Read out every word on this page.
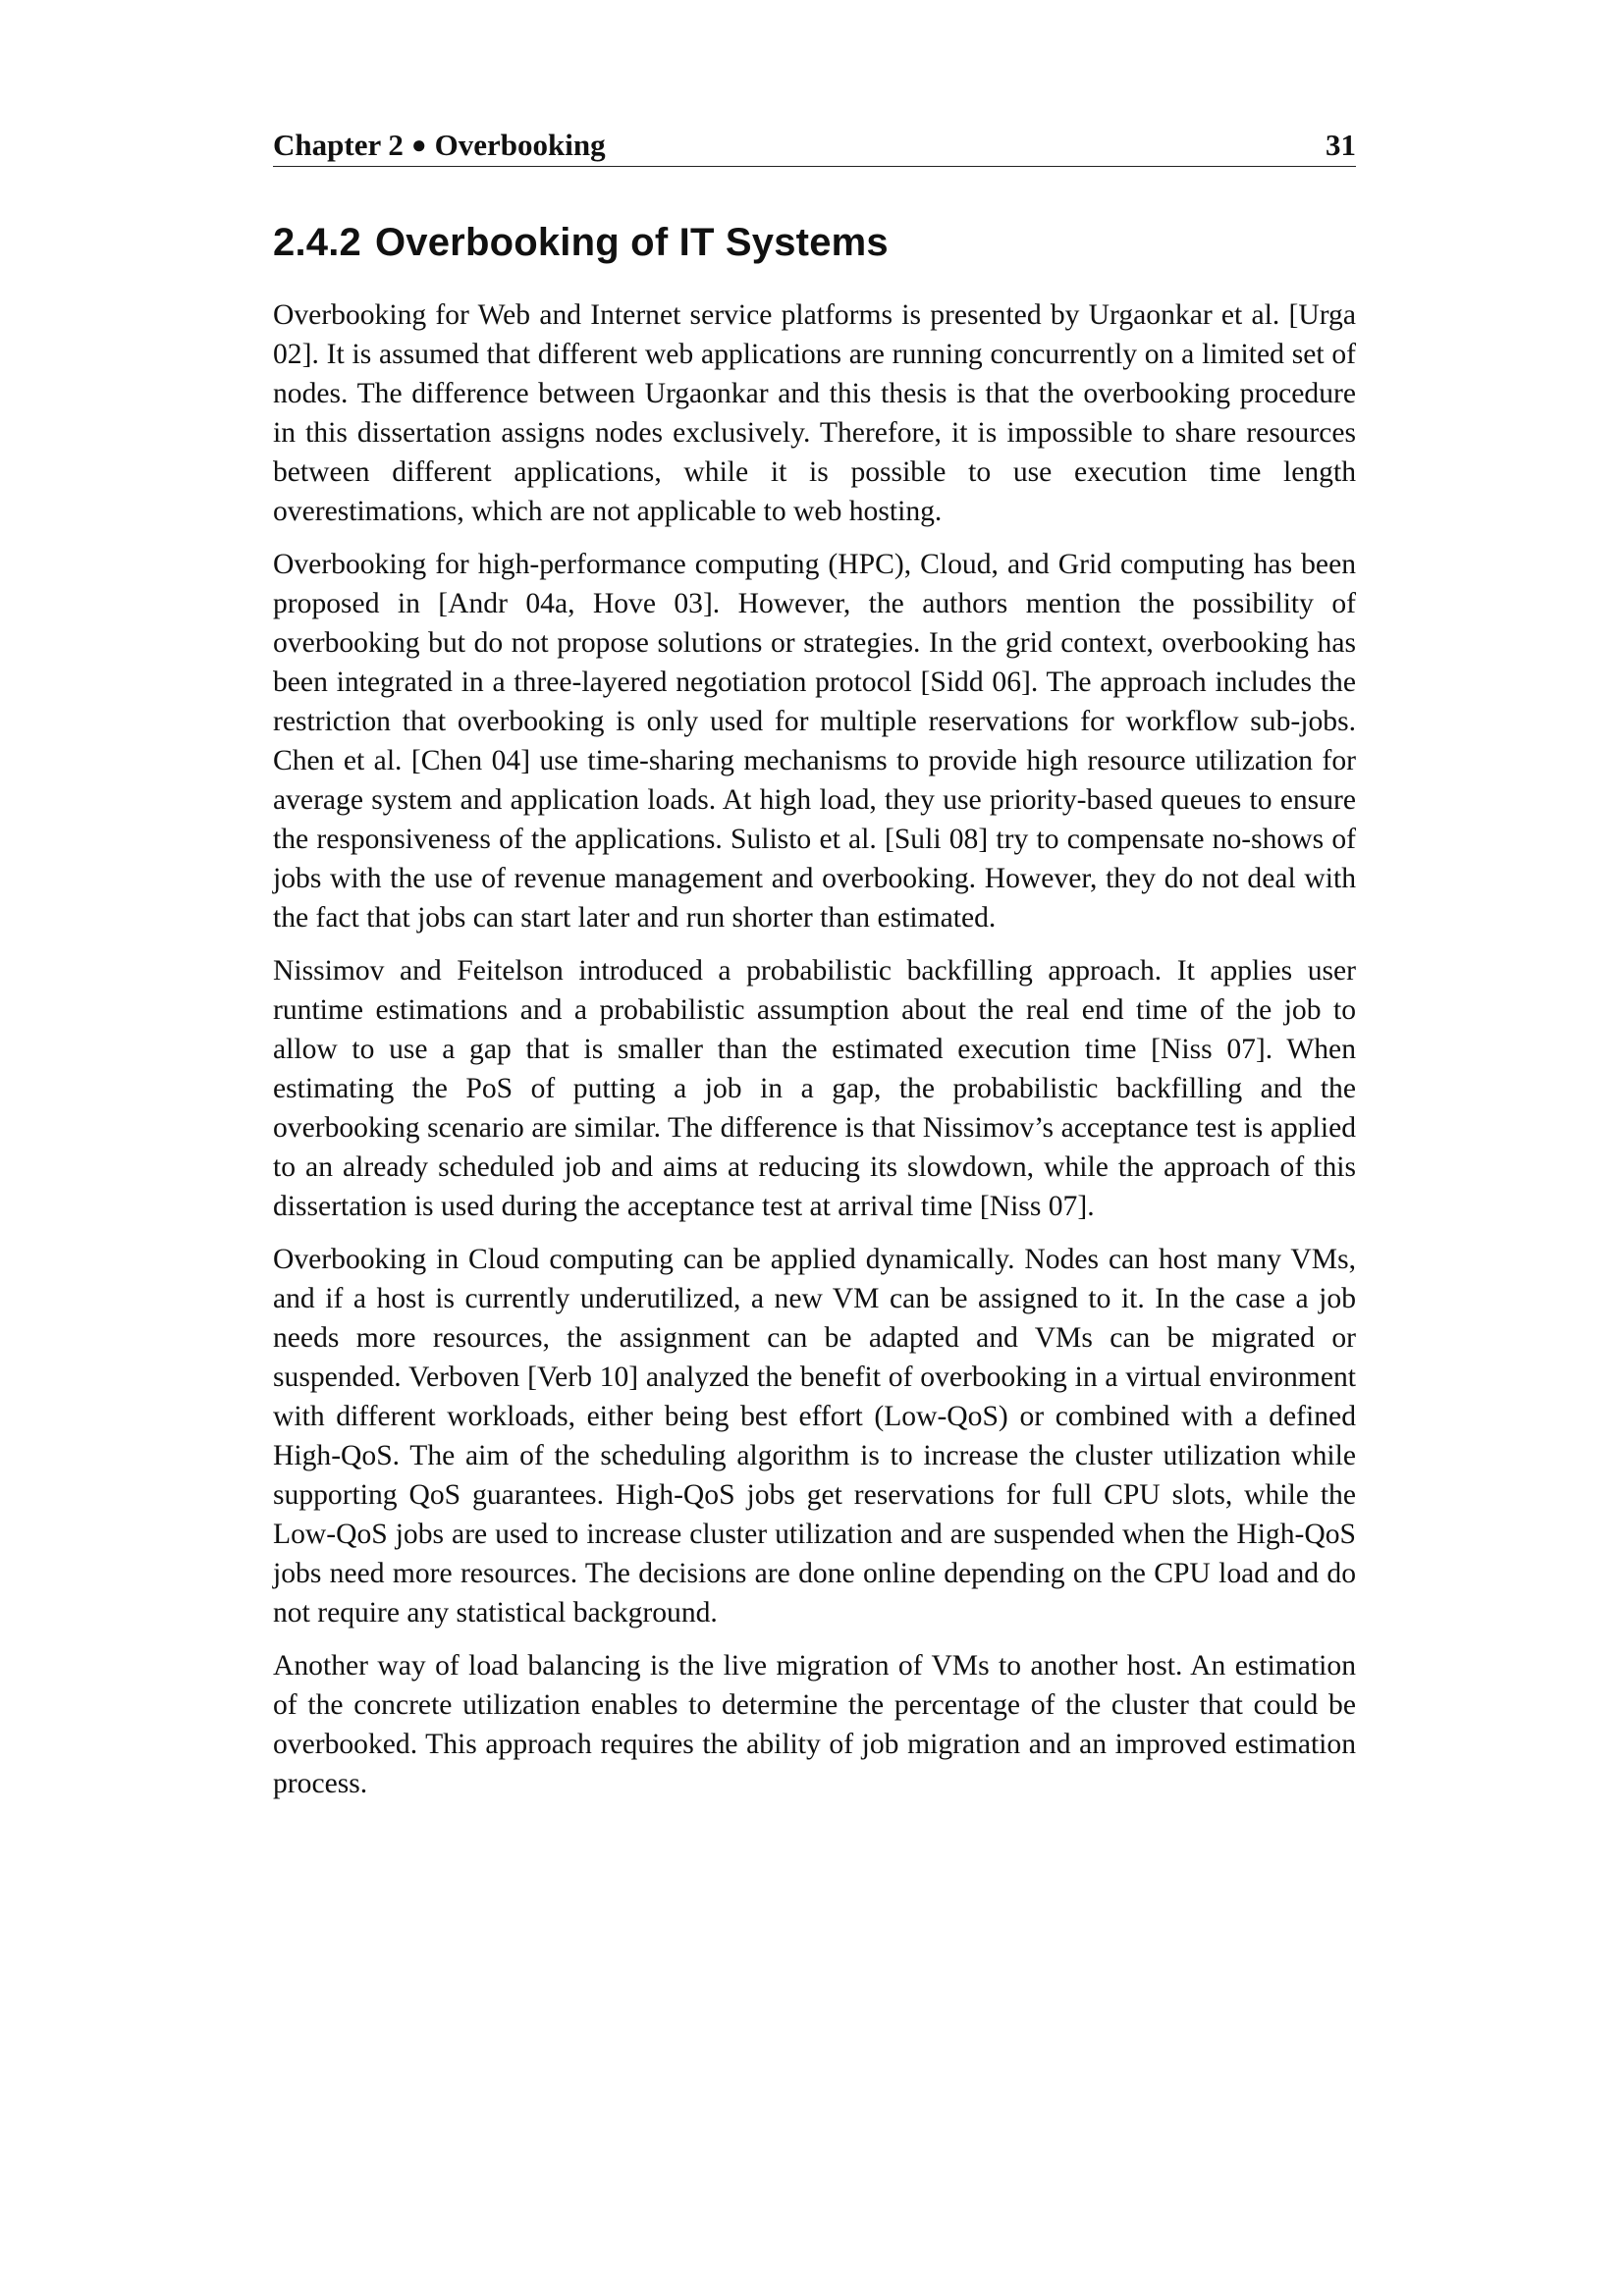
Chapter 2 ● Overbooking	31
2.4.2 Overbooking of IT Systems

Overbooking for Web and Internet service platforms is presented by Urgaonkar et al. [Urga 02]. It is assumed that different web applications are running concurrently on a limited set of nodes. The difference between Urgaonkar and this thesis is that the overbooking procedure in this dissertation assigns nodes exclusively. Therefore, it is impossible to share resources between different applications, while it is possible to use execution time length overestimations, which are not applicable to web hosting.

Overbooking for high-performance computing (HPC), Cloud, and Grid computing has been proposed in [Andr 04a, Hove 03]. However, the authors mention the possibility of overbooking but do not propose solutions or strategies. In the grid context, overbooking has been integrated in a three-layered negotiation protocol [Sidd 06]. The approach includes the restriction that overbooking is only used for multiple reservations for workflow sub-jobs. Chen et al. [Chen 04] use time-sharing mechanisms to provide high resource utilization for average system and application loads. At high load, they use priority-based queues to ensure the responsiveness of the applications. Sulisto et al. [Suli 08] try to compensate no-shows of jobs with the use of revenue management and overbooking. However, they do not deal with the fact that jobs can start later and run shorter than estimated.

Nissimov and Feitelson introduced a probabilistic backfilling approach. It applies user runtime estimations and a probabilistic assumption about the real end time of the job to allow to use a gap that is smaller than the estimated execution time [Niss 07]. When estimating the PoS of putting a job in a gap, the probabilistic backfilling and the overbooking scenario are similar. The difference is that Nissimov’s acceptance test is applied to an already scheduled job and aims at reducing its slowdown, while the approach of this dissertation is used during the acceptance test at arrival time [Niss 07].

Overbooking in Cloud computing can be applied dynamically. Nodes can host many VMs, and if a host is currently underutilized, a new VM can be assigned to it. In the case a job needs more resources, the assignment can be adapted and VMs can be migrated or suspended. Verboven [Verb 10] analyzed the benefit of overbooking in a virtual environment with different workloads, either being best effort (Low-QoS) or combined with a defined High-QoS. The aim of the scheduling algorithm is to increase the cluster utilization while supporting QoS guarantees. High-QoS jobs get reservations for full CPU slots, while the Low-QoS jobs are used to increase cluster utilization and are suspended when the High-QoS jobs need more resources. The decisions are done online depending on the CPU load and do not require any statistical background.

Another way of load balancing is the live migration of VMs to another host. An estimation of the concrete utilization enables to determine the percentage of the cluster that could be overbooked. This approach requires the ability of job migration and an improved estimation process.
